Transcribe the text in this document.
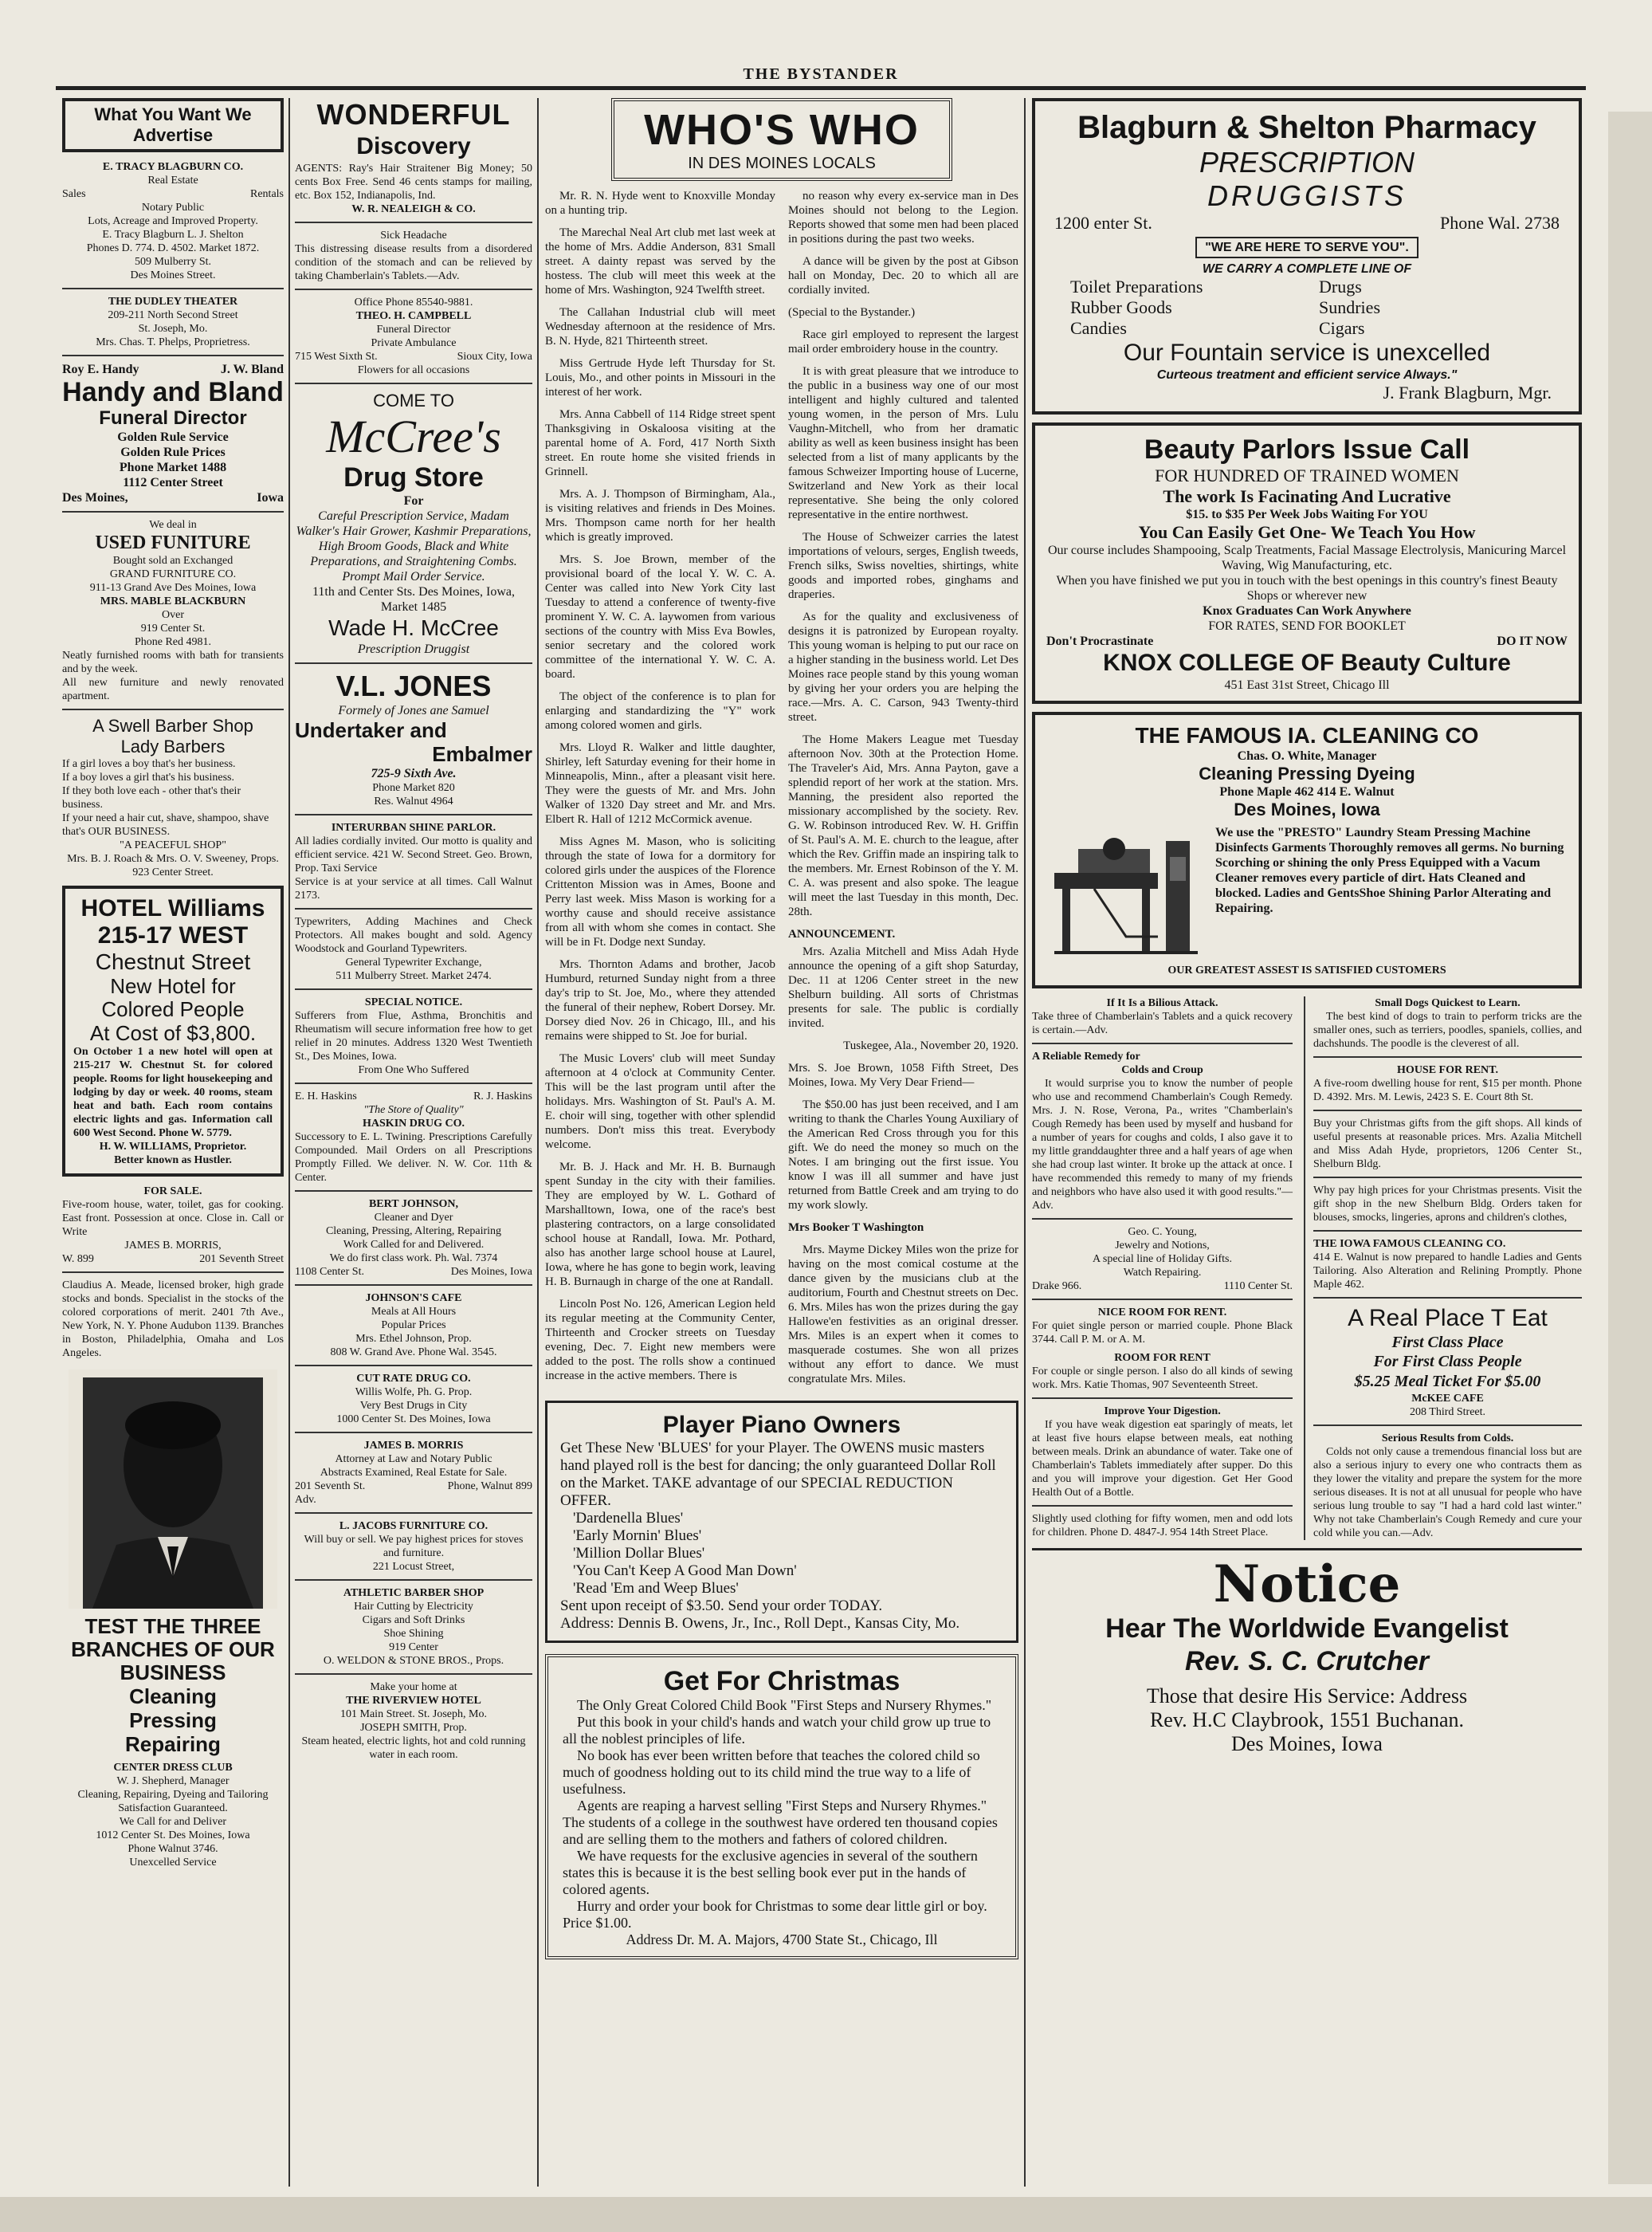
THE BYSTANDER
What You Want We Advertise
E. TRACY BLAGBURN CO.
Real Estate
Sales	Rentals
Notary Public
Lots, Acreage and Improved Property.
E. Tracy Blagburn L. J. Shelton
Phones D. 774. D. 4502. Market 1872.
509 Mulberry St.
Des Moines Street.
THE DUDLEY THEATER
209-211 North Second Street
St. Joseph, Mo.
Mrs. Chas. T. Phelps, Proprietress.
Roy E. Handy	J. W. Bland
Handy and Bland
Funeral Director
Golden Rule Service
Golden Rule Prices
Phone Market 1488
1112 Center Street
Des Moines,	Iowa
We deal in
USED FUNITURE
Bought sold an Exchanged
GRAND FURNITURE CO.
911-13 Grand Ave Des Moines, Iowa
MRS. MABLE BLACKBURN
Over
919 Center St.
Phone Red 4981.
Neatly furnished rooms with bath for transients and by the week.
All new furniture and newly renovated apartment.
A Swell Barber Shop
Lady Barbers
If a girl loves a boy that's her business.
If a boy loves a girl that's his business.
If they both love each - other that's their business.
If your need a hair cut, shave, shampoo, shave that's OUR BUSINESS.
"A PEACEFUL SHOP"
Mrs. B. J. Roach & Mrs. O. V. Sweeney, Props.
923 Center Street.
HOTEL Williams
215-17 WEST
Chestnut Street
New Hotel for Colored People
At Cost of $3,800.
On October 1 a new hotel will open at 215-217 W. Chestnut St. for colored people. Rooms for light housekeeping and lodging by day or week. 40 rooms, steam heat and bath. Each room contains electric lights and gas. Information call 600 West Second. Phone W. 5779.
H. W. WILLIAMS, Proprietor.
Better known as Hustler.
FOR SALE.
Five-room house, water, toilet, gas for cooking. East front. Possession at once. Close in. Call or Write
JAMES B. MORRIS,
W. 899	201 Seventh Street
Claudius A. Meade, licensed broker, high grade stocks and bonds. Specialist in the stocks of the colored corporations of merit. 2401 7th Ave., New York, N. Y. Phone Audubon 1139. Branches in Boston, Philadelphia, Omaha and Los Angeles.
TEST THE THREE
BRANCHES OF OUR
BUSINESS
Cleaning
Pressing
Repairing
CENTER DRESS CLUB
W. J. Shepherd, Manager
Cleaning, Repairing, Dyeing and Tailoring
Satisfaction Guaranteed.
We Call for and Deliver
1012 Center St. Des Moines, Iowa
Phone Walnut 3746.
Unexcelled Service
WONDERFUL
Discovery
AGENTS: Ray's Hair Straitener Big Money; 50 cents Box Free. Send 46 cents stamps for mailing, etc. Box 152, Indianapolis, Ind.
W. R. NEALEIGH & CO.
Sick Headache
This distressing disease results from a disordered condition of the stomach and can be relieved by taking Chamberlain's Tablets.—Adv.
Office Phone 85540-9881.
THEO. H. CAMPBELL
Funeral Director
Private Ambulance
715 West Sixth St.	Sioux City, Iowa
Flowers for all occasions
COME TO
McCree's
Drug Store
For
Careful Prescription Service, Madam Walker's Hair Grower, Kashmir Preparations, High Broom Goods, Black and White Preparations, and Straightening Combs.
Prompt Mail Order Service.
11th and Center Sts. Des Moines, Iowa, Market 1485
Wade H. McCree
Prescription Druggist
V.L. JONES
Formely of Jones ane Samuel
Undertaker and
Embalmer
725-9 Sixth Ave.
Phone Market 820
Res. Walnut 4964
INTERURBAN SHINE PARLOR.
All ladies cordially invited. Our motto is quality and efficient service. 421 W. Second Street. Geo. Brown, Prop. Taxi Service
Service is at your service at all times. Call Walnut 2173.
Typewriters, Adding Machines and Check Protectors. All makes bought and sold. Agency Woodstock and Gourland Typewriters.
General Typewriter Exchange,
511 Mulberry Street. Market 2474.
SPECIAL NOTICE.
Sufferers from Flue, Asthma, Bronchitis and Rheumatism will secure information free how to get relief in 20 minutes. Address 1320 West Twentieth St., Des Moines, Iowa.
From One Who Suffered
E. H. Haskins	R. J. Haskins
"The Store of Quality"
HASKIN DRUG CO.
Successory to E. L. Twining. Prescriptions Carefully Compounded. Mail Orders on all Prescriptions Promptly Filled. We deliver. N. W. Cor. 11th & Center.
BERT JOHNSON,
Cleaner and Dyer
Cleaning, Pressing, Altering, Repairing
Work Called for and Delivered.
We do first class work. Ph. Wal. 7374
1108 Center St.	Des Moines, Iowa
JOHNSON'S CAFE
Meals at All Hours
Popular Prices
Mrs. Ethel Johnson, Prop.
808 W. Grand Ave. Phone Wal. 3545.
CUT RATE DRUG CO.
Willis Wolfe, Ph. G. Prop.
Very Best Drugs in City
1000 Center St. Des Moines, Iowa
JAMES B. MORRIS
Attorney at Law and Notary Public
Abstracts Examined, Real Estate for Sale.
201 Seventh St.	Phone, Walnut 899
Adv.
L. JACOBS FURNITURE CO.
Will buy or sell. We pay highest prices for stoves and furniture.
221 Locust Street,
ATHLETIC BARBER SHOP
Hair Cutting by Electricity
Cigars and Soft Drinks
Shoe Shining
919 Center
O. WELDON & STONE BROS., Props.
Make your home at
THE RIVERVIEW HOTEL
101 Main Street. St. Joseph, Mo.
JOSEPH SMITH, Prop.
Steam heated, electric lights, hot and cold running water in each room.
WHO'S WHO
IN DES MOINES LOCALS

Mr. R. N. Hyde went to Knoxville Monday on a hunting trip.

The Marechal Neal Art club met last week at the home of Mrs. Addie Anderson, 831 Small street. A dainty repast was served by the hostess. The club will meet this week at the home of Mrs. Washington, 924 Twelfth street.

The Callahan Industrial club will meet Wednesday afternoon at the residence of Mrs. B. N. Hyde, 821 Thirteenth street.

Miss Gertrude Hyde left Thursday for St. Louis, Mo., and other points in Missouri in the interest of her work.

Mrs. Anna Cabbell of 114 Ridge street spent Thanksgiving in Oskaloosa visiting at the parental home of A. Ford, 417 North Sixth street. En route home she visited friends in Grinnell.

Mrs. A. J. Thompson of Birmingham, Ala., is visiting relatives and friends in Des Moines. Mrs. Thompson came north for her health which is greatly improved.

Mrs. S. Joe Brown, member of the provisional board of the local Y. W. C. A. Center was called into New York City last Tuesday to attend a conference of twenty-five prominent Y. W. C. A. laywomen from various sections of the country with Miss Eva Bowles, senior secretary and the colored work committee of the international Y. W. C. A. board.

The object of the conference is to plan for enlarging and standardizing the "Y" work among colored women and girls.

Mrs. Lloyd R. Walker and little daughter, Shirley, left Saturday evening for their home in Minneapolis, Minn., after a pleasant visit here. They were the guests of Mr. and Mrs. John Walker of 1320 Day street and Mr. and Mrs. Elbert R. Hall of 1212 McCormick avenue.

Miss Agnes M. Mason, who is soliciting through the state of Iowa for a dormitory for colored girls under the auspices of the Florence Crittenton Mission was in Ames, Boone and Perry last week. Miss Mason is working for a worthy cause and should receive assistance from all with whom she comes in contact. She will be in Ft. Dodge next Sunday.

Mrs. Thornton Adams and brother, Jacob Humburd, returned Sunday night from a three day's trip to St. Joe, Mo., where they attended the funeral of their nephew, Robert Dorsey. Mr. Dorsey died Nov. 26 in Chicago, Ill., and his remains were shipped to St. Joe for burial.

The Music Lovers' club will meet Sunday afternoon at 4 o'clock at Community Center. This will be the last program until after the holidays. Mrs. Washington of St. Paul's A. M. E. choir will sing, together with other splendid numbers. Don't miss this treat. Everybody welcome.

Mr. B. J. Hack and Mr. H. B. Burnaugh spent Sunday in the city with their families. They are employed by W. L. Gothard of Marshalltown, Iowa, one of the race's best plastering contractors, on a large consolidated school house at Randall, Iowa. Mr. Pothard, also has another large school house at Laurel, Iowa, where he has gone to begin work, leaving H. B. Burnaugh in charge of the one at Randall.

Lincoln Post No. 126, American Legion held its regular meeting at the Community Center, Thirteenth and Crocker streets on Tuesday evening, Dec. 7. Eight new members were added to the post. The rolls show a continued increase in the active members. There is

no reason why every ex-service man in Des Moines should not belong to the Legion. Reports showed that some men had been placed in positions during the past two weeks.

A dance will be given by the post at Gibson hall on Monday, Dec. 20 to which all are cordially invited.

(Special to the Bystander.)

Race girl employed to represent the largest mail order embroidery house in the country.

It is with great pleasure that we introduce to the public in a business way one of our most intelligent and highly cultured and talented young women, in the person of Mrs. Lulu Vaughn-Mitchell, who from her dramatic ability as well as keen business insight has been selected from a list of many applicants by the famous Schweizer Importing house of Lucerne, Switzerland and New York as their local representative. She being the only colored representative in the entire northwest.

The House of Schweizer carries the latest importations of velours, serges, English tweeds, French silks, Swiss novelties, shirtings, white goods and imported robes, ginghams and draperies.

As for the quality and exclusiveness of designs it is patronized by European royalty. This young woman is helping to put our race on a higher standing in the business world. Let Des Moines race people stand by this young woman by giving her your orders you are helping the race.—Mrs. A. C. Carson, 943 Twenty-third street.

The Home Makers League met Tuesday afternoon Nov. 30th at the Protection Home. The Traveler's Aid, Mrs. Anna Payton, gave a splendid report of her work at the station. Mrs. Manning, the president also reported the missionary accomplished by the society. Rev. G. W. Robinson introduced Rev. W. H. Griffin of St. Paul's A. M. E. church to the league, after which the Rev. Griffin made an inspiring talk to the members. Mr. Ernest Robinson of the Y. M. C. A. was present and also spoke. The league will meet the last Tuesday in this month, Dec. 28th.

ANNOUNCEMENT.

Mrs. Azalia Mitchell and Miss Adah Hyde announce the opening of a gift shop Saturday, Dec. 11 at 1206 Center street in the new Shelburn building. All sorts of Christmas presents for sale. The public is cordially invited.

Tuskegee, Ala., November 20, 1920.

Mrs. S. Joe Brown, 1058 Fifth Street, Des Moines, Iowa. My Very Dear Friend—

The $50.00 has just been received, and I am writing to thank the Charles Young Auxiliary of the American Red Cross through you for this gift. We do need the money so much on the Notes. I am bringing out the first issue. You know I was ill all summer and have just returned from Battle Creek and am trying to do my work slowly.

Mrs Booker T Washington

Mrs. Mayme Dickey Miles won the prize for having on the most comical costume at the dance given by the musicians club at the auditorium, Fourth and Chestnut streets on Dec. 6. Mrs. Miles has won the prizes during the gay Hallowe'en festivities as an original dresser. Mrs. Miles is an expert when it comes to masquerade costumes. She won all prizes without any effort to dance. We must congratulate Mrs. Miles.

Player Piano Owners
Get These New 'BLUES' for your Player. The OWENS music masters hand played roll is the best for dancing; the only guaranteed Dollar Roll on the Market. TAKE advantage of our SPECIAL REDUCTION OFFER.
'Dardenella Blues'
'Early Mornin' Blues'
'Million Dollar Blues'
'You Can't Keep A Good Man Down'
'Read 'Em and Weep Blues'
Sent upon receipt of $3.50. Send your order TODAY.
Address: Dennis B. Owens, Jr., Inc., Roll Dept., Kansas City, Mo.
Get For Christmas
The Only Great Colored Child Book "First Steps and Nursery Rhymes."
Put this book in your child's hands and watch your child grow up true to all the noblest principles of life.
No book has ever been written before that teaches the colored child so much of goodness holding out to its child mind the true way to a life of usefulness.
Agents are reaping a harvest selling "First Steps and Nursery Rhymes." The students of a college in the southwest have ordered ten thousand copies and are selling them to the mothers and fathers of colored children.
We have requests for the exclusive agencies in several of the southern states this is because it is the best selling book ever put in the hands of colored agents.
Hurry and order your book for Christmas to some dear little girl or boy. Price $1.00.
Address Dr. M. A. Majors, 4700 State St., Chicago, Ill
Blagburn & Shelton Pharmacy
PRESCRIPTION
DRUGGISTS
1200 enter St.	Phone Wal. 2738
"WE ARE HERE TO SERVE YOU".
WE CARRY A COMPLETE LINE OF
Toilet Preparations	Drugs
Rubber Goods	Sundries
Candies	Cigars
Our Fountain service is unexcelled
Curteous treatment and efficient service Always."
J. Frank Blagburn, Mgr.
Beauty Parlors Issue Call
FOR HUNDRED OF TRAINED WOMEN
The work Is Facinating And Lucrative
$15. to $35 Per Week Jobs Waiting For YOU
You Can Easily Get One- We Teach You How
Our course includes Shampooing, Scalp Treatments, Facial Massage Electrolysis, Manicuring Marcel Waving, Wig Manufacturing, etc.
When you have finished we put you in touch with the best openings in this country's finest Beauty Shops or wherever new
Knox Graduates Can Work Anywhere
FOR RATES, SEND FOR BOOKLET
Don't Procrastinate	DO IT NOW
KNOX COLLEGE OF Beauty Culture
451 East 31st Street, Chicago Ill
THE FAMOUS IA. CLEANING CO
Chas. O. White, Manager
Cleaning Pressing Dyeing
Phone Maple 462 414 E. Walnut
Des Moines, Iowa
We use the "PRESTO" Laundry Steam Pressing Machine Disinfects Garments Thoroughly removes all germs. No burning Scorching or shining the only Press Equipped with a Vacum Cleaner removes every particle of dirt. Hats Cleaned and blocked. Ladies and GentsShoe Shining Parlor Alterating and Repairing.
OUR GREATEST ASSEST IS SATISFIED CUSTOMERS
If It Is a Bilious Attack.
Take three of Chamberlain's Tablets and a quick recovery is certain.—Adv.
A Reliable Remedy for
Colds and Croup
It would surprise you to know the number of people who use and recommend Chamberlain's Cough Remedy. Mrs. J. N. Rose, Verona, Pa., writes "Chamberlain's Cough Remedy has been used by myself and husband for a number of years for coughs and colds, I also gave it to my little granddaughter three and a half years of age when she had croup last winter. It broke up the attack at once. I have recommended this remedy to many of my friends and neighbors who have also used it with good results."—Adv.
Geo. C. Young,
Jewelry and Notions,
A special line of Holiday Gifts.
Watch Repairing.
Drake 966.	1110 Center St.
NICE ROOM FOR RENT.
For quiet single person or married couple. Phone Black 3744. Call P. M. or A. M.
ROOM FOR RENT
For couple or single person. I also do all kinds of sewing work. Mrs. Katie Thomas, 907 Seventeenth Street.
Improve Your Digestion.
If you have weak digestion eat sparingly of meats, let at least five hours elapse between meals, eat nothing between meals. Drink an abundance of water. Take one of Chamberlain's Tablets immediately after supper. Do this and you will improve your digestion. Get Her Good Health Out of a Bottle.
Slightly used clothing for fifty women, men and odd lots for children. Phone D. 4847-J. 954 14th Street Place.
Small Dogs Quickest to Learn.
The best kind of dogs to train to perform tricks are the smaller ones, such as terriers, poodles, spaniels, collies, and dachshunds. The poodle is the cleverest of all.
HOUSE FOR RENT.
A five-room dwelling house for rent, $15 per month. Phone D. 4392. Mrs. M. Lewis, 2423 S. E. Court 8th St.
Buy your Christmas gifts from the gift shops. All kinds of useful presents at reasonable prices. Mrs. Azalia Mitchell and Miss Adah Hyde, proprietors, 1206 Center St., Shelburn Bldg.
Why pay high prices for your Christmas presents. Visit the gift shop in the new Shelburn Bldg. Orders taken for blouses, smocks, lingeries, aprons and children's clothes,
THE IOWA FAMOUS CLEANING CO.
414 E. Walnut is now prepared to handle Ladies and Gents Tailoring. Also Alteration and Relining Promptly. Phone Maple 462.
A Real Place T Eat
First Class Place
For First Class People
$5.25 Meal Ticket For $5.00
McKEE CAFE
208 Third Street.
Serious Results from Colds.
Colds not only cause a tremendous financial loss but are also a serious injury to every one who contracts them as they lower the vitality and prepare the system for the more serious diseases. It is not at all unusual for people who have serious lung trouble to say "I had a hard cold last winter." Why not take Chamberlain's Cough Remedy and cure your cold while you can.—Adv.
Notice
Hear The Worldwide Evangelist
Rev. S. C. Crutcher
Those that desire His Service: Address
Rev. H.C Claybrook, 1551 Buchanan.
Des Moines, Iowa
